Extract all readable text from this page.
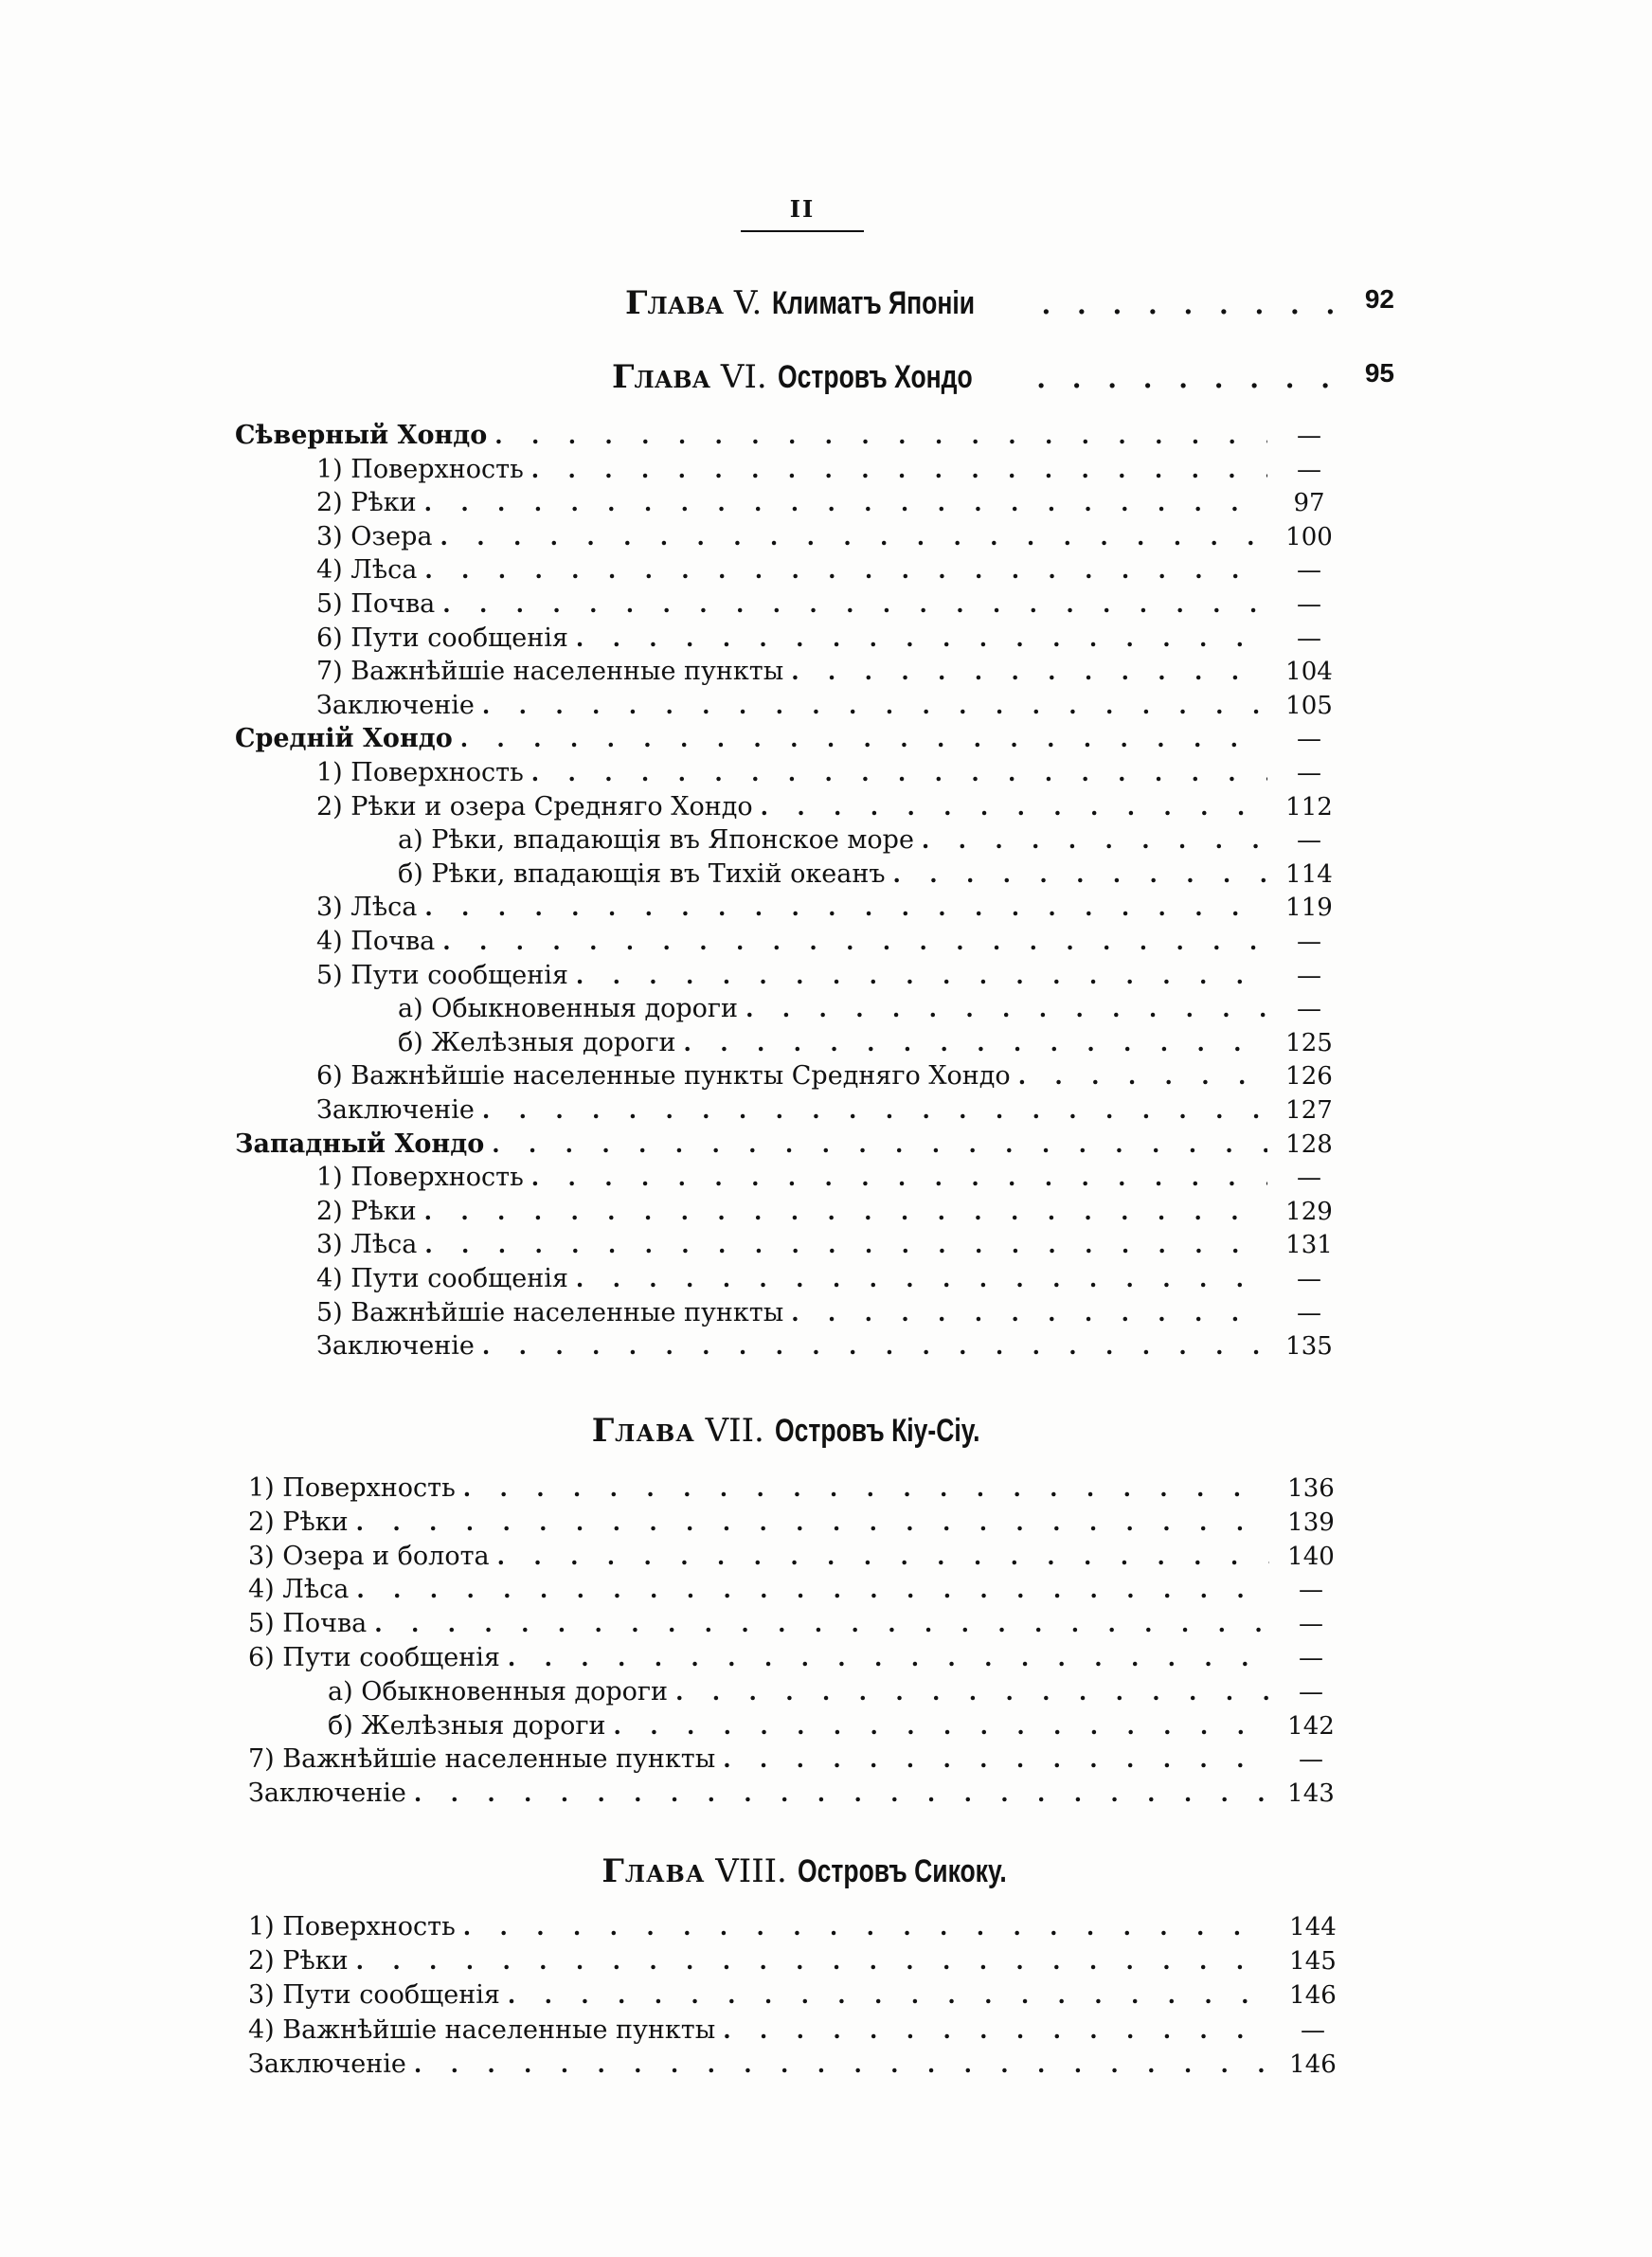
II
Глава V. Климатъ Японіи . . .	92
Глава VI. Островъ Хондо . . .	95
Сѣверный Хондо . . .	—
1) Поверхность . . .	—
2) Рѣки . . .	97
3) Озера . . .	100
4) Лѣса . . .	—
5) Почва . . .	—
6) Пути сообщенія . . .	—
7) Важнѣйшіе населенные пункты . . .	104
Заключеніе . . .	105
Средній Хондо . . .	—
1) Поверхность . . .	—
2) Рѣки и озера Средняго Хондо . . .	112
а) Рѣки, впадающія въ Японское море . . .	—
б) Рѣки, впадающія въ Тихій океанъ . . .	114
3) Лѣса . . .	119
4) Почва . . .	—
5) Пути сообщенія . . .	—
а) Обыкновенныя дороги . . .	—
б) Желѣзныя дороги . . .	125
6) Важнѣйшіе населенные пункты Средняго Хондо . . .	126
Заключеніе . . .	127
Западный Хондо . . .	128
1) Поверхность . . .	—
2) Рѣки . . .	129
3) Лѣса . . .	131
4) Пути сообщенія . . .	—
5) Важнѣйшіе населенные пункты . . .	—
Заключеніе . . .	135
Глава VII. Островъ Кіу-Сіу.
1) Поверхность . . .	136
2) Рѣки . . .	139
3) Озера и болота . . .	140
4) Лѣса . . .	—
5) Почва . . .	—
6) Пути сообщенія . . .	—
а) Обыкновенныя дороги . . .	—
б) Желѣзныя дороги . . .	142
7) Важнѣйшіе населенные пункты . . .	—
Заключеніе . . .	143
Глава VIII. Островъ Сикоку.
1) Поверхность . . .	144
2) Рѣки . . .	145
3) Пути сообщенія . . .	146
4) Важнѣйшіе населенные пункты . . .	—
Заключеніе . . .	146
